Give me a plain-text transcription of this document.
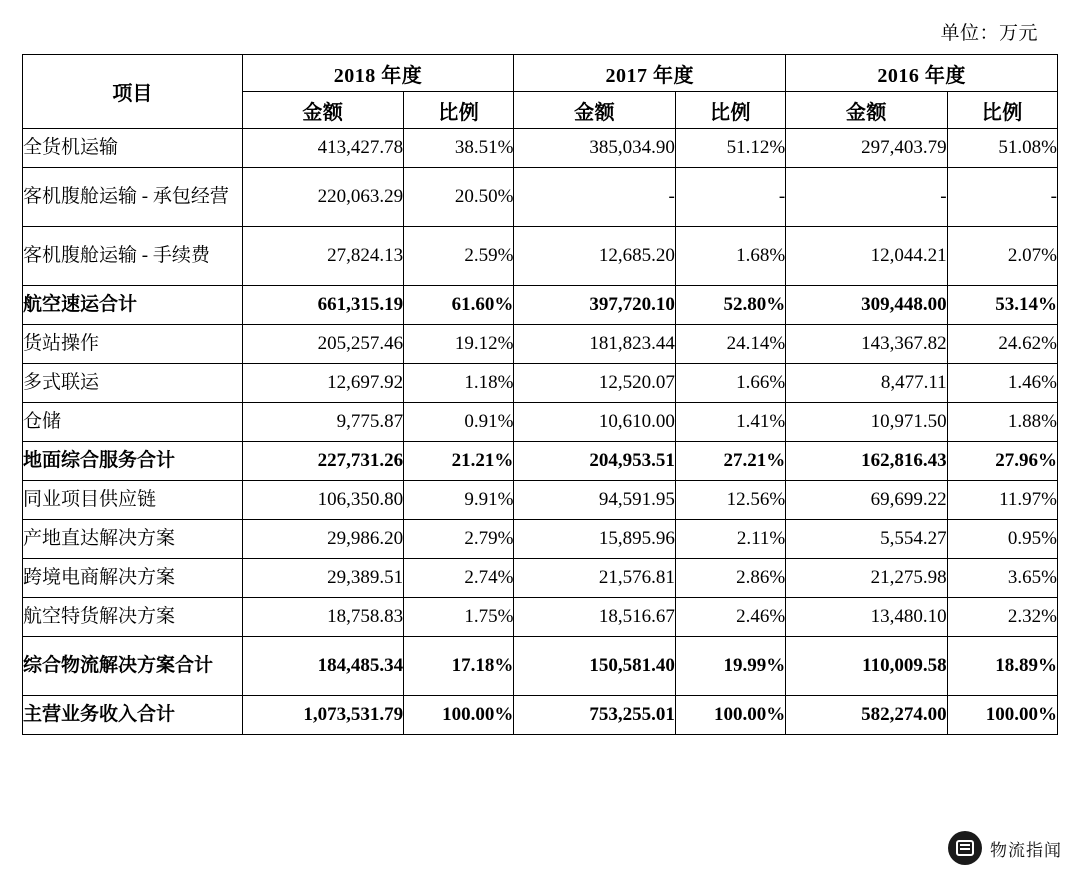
单位：万元
项目	2018 年度		2017 年度		2016 年度	
	金额	比例	金额	比例	金额	比例
全货机运输	413,427.78	38.51%	385,034.90	51.12%	297,403.79	51.08%
客机腹舱运输 - 承包经营	220,063.29	20.50%	-	-	-	-
客机腹舱运输 - 手续费	27,824.13	2.59%	12,685.20	1.68%	12,044.21	2.07%
航空速运合计	661,315.19	61.60%	397,720.10	52.80%	309,448.00	53.14%
货站操作	205,257.46	19.12%	181,823.44	24.14%	143,367.82	24.62%
多式联运	12,697.92	1.18%	12,520.07	1.66%	8,477.11	1.46%
仓储	9,775.87	0.91%	10,610.00	1.41%	10,971.50	1.88%
地面综合服务合计	227,731.26	21.21%	204,953.51	27.21%	162,816.43	27.96%
同业项目供应链	106,350.80	9.91%	94,591.95	12.56%	69,699.22	11.97%
产地直达解决方案	29,986.20	2.79%	15,895.96	2.11%	5,554.27	0.95%
跨境电商解决方案	29,389.51	2.74%	21,576.81	2.86%	21,275.98	3.65%
航空特货解决方案	18,758.83	1.75%	18,516.67	2.46%	13,480.10	2.32%
综合物流解决方案合计	184,485.34	17.18%	150,581.40	19.99%	110,009.58	18.89%
主营业务收入合计	1,073,531.79	100.00%	753,255.01	100.00%	582,274.00	100.00%
物流指闻
